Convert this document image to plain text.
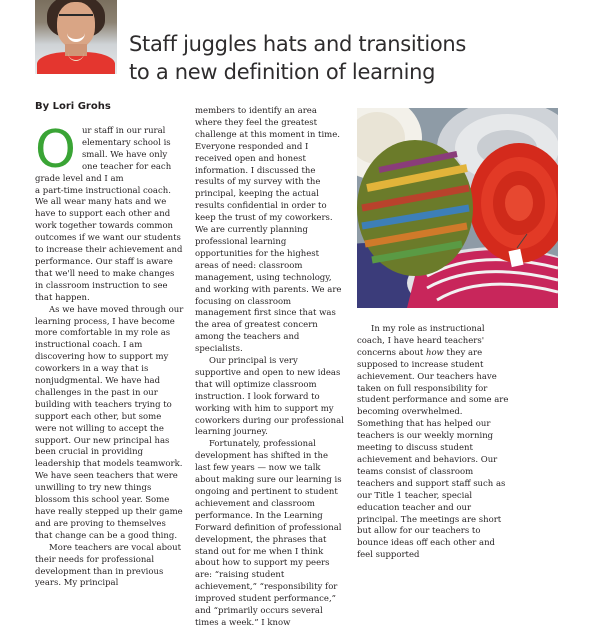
Staff juggles hats and transitions
to a new definition of learning
By Lori Grohs

Our staff in our rural
elementary school is
small. We have only
one teacher for each
grade level and I am
a part-time instructional coach. We all wear many hats and we have to support each other and work together towards common outcomes if we want our students to increase their achievement and performance. Our staff is aware that we'll need to make changes in classroom instruction to see that happen.

As we have moved through our learning process, I have become more comfortable in my role as instructional coach. I am discovering how to support my coworkers in a way that is nonjudgmental. We have had challenges in the past in our building with teachers trying to support each other, but some were not willing to accept the support. Our new principal has been crucial in providing leadership that models teamwork. We have seen teachers that were unwilling to try new things blossom this school year. Some have really stepped up their game and are proving to themselves that change can be a good thing.

More teachers are vocal about their needs for professional development than in previous years. My principal

members to identify an area where they feel the greatest challenge at this moment in time. Everyone responded and I received open and honest information. I discussed the results of my survey with the principal, keeping the actual results confidential in order to keep the trust of my coworkers. We are currently planning professional learning opportunities for the highest areas of need: classroom management, using technology, and working with parents. We are focusing on classroom management first since that was the area of greatest concern among the teachers and specialists.

Our principal is very supportive and open to new ideas that will optimize classroom instruction. I look forward to working with him to support my coworkers during our professional learning journey.

Fortunately, professional development has shifted in the last few years — now we talk about making sure our learning is ongoing and pertinent to student achievement and classroom performance. In the Learning Forward definition of professional development, the phrases that stand out for me when I think about how to support my peers are: “raising student achievement,” “responsibility for improved student performance,” and “primarily occurs several times a week.” I know

In my role as instructional coach, I have heard teachers' concerns about how they are supposed to increase student achievement. Our teachers have taken on full responsibility for student performance and some are becoming overwhelmed. Something that has helped our teachers is our weekly morning meeting to discuss student achievement and behaviors. Our teams consist of classroom teachers and support staff such as our Title 1 teacher, special education teacher and our principal. The meetings are short but allow for our teachers to bounce ideas off each other and feel supported
